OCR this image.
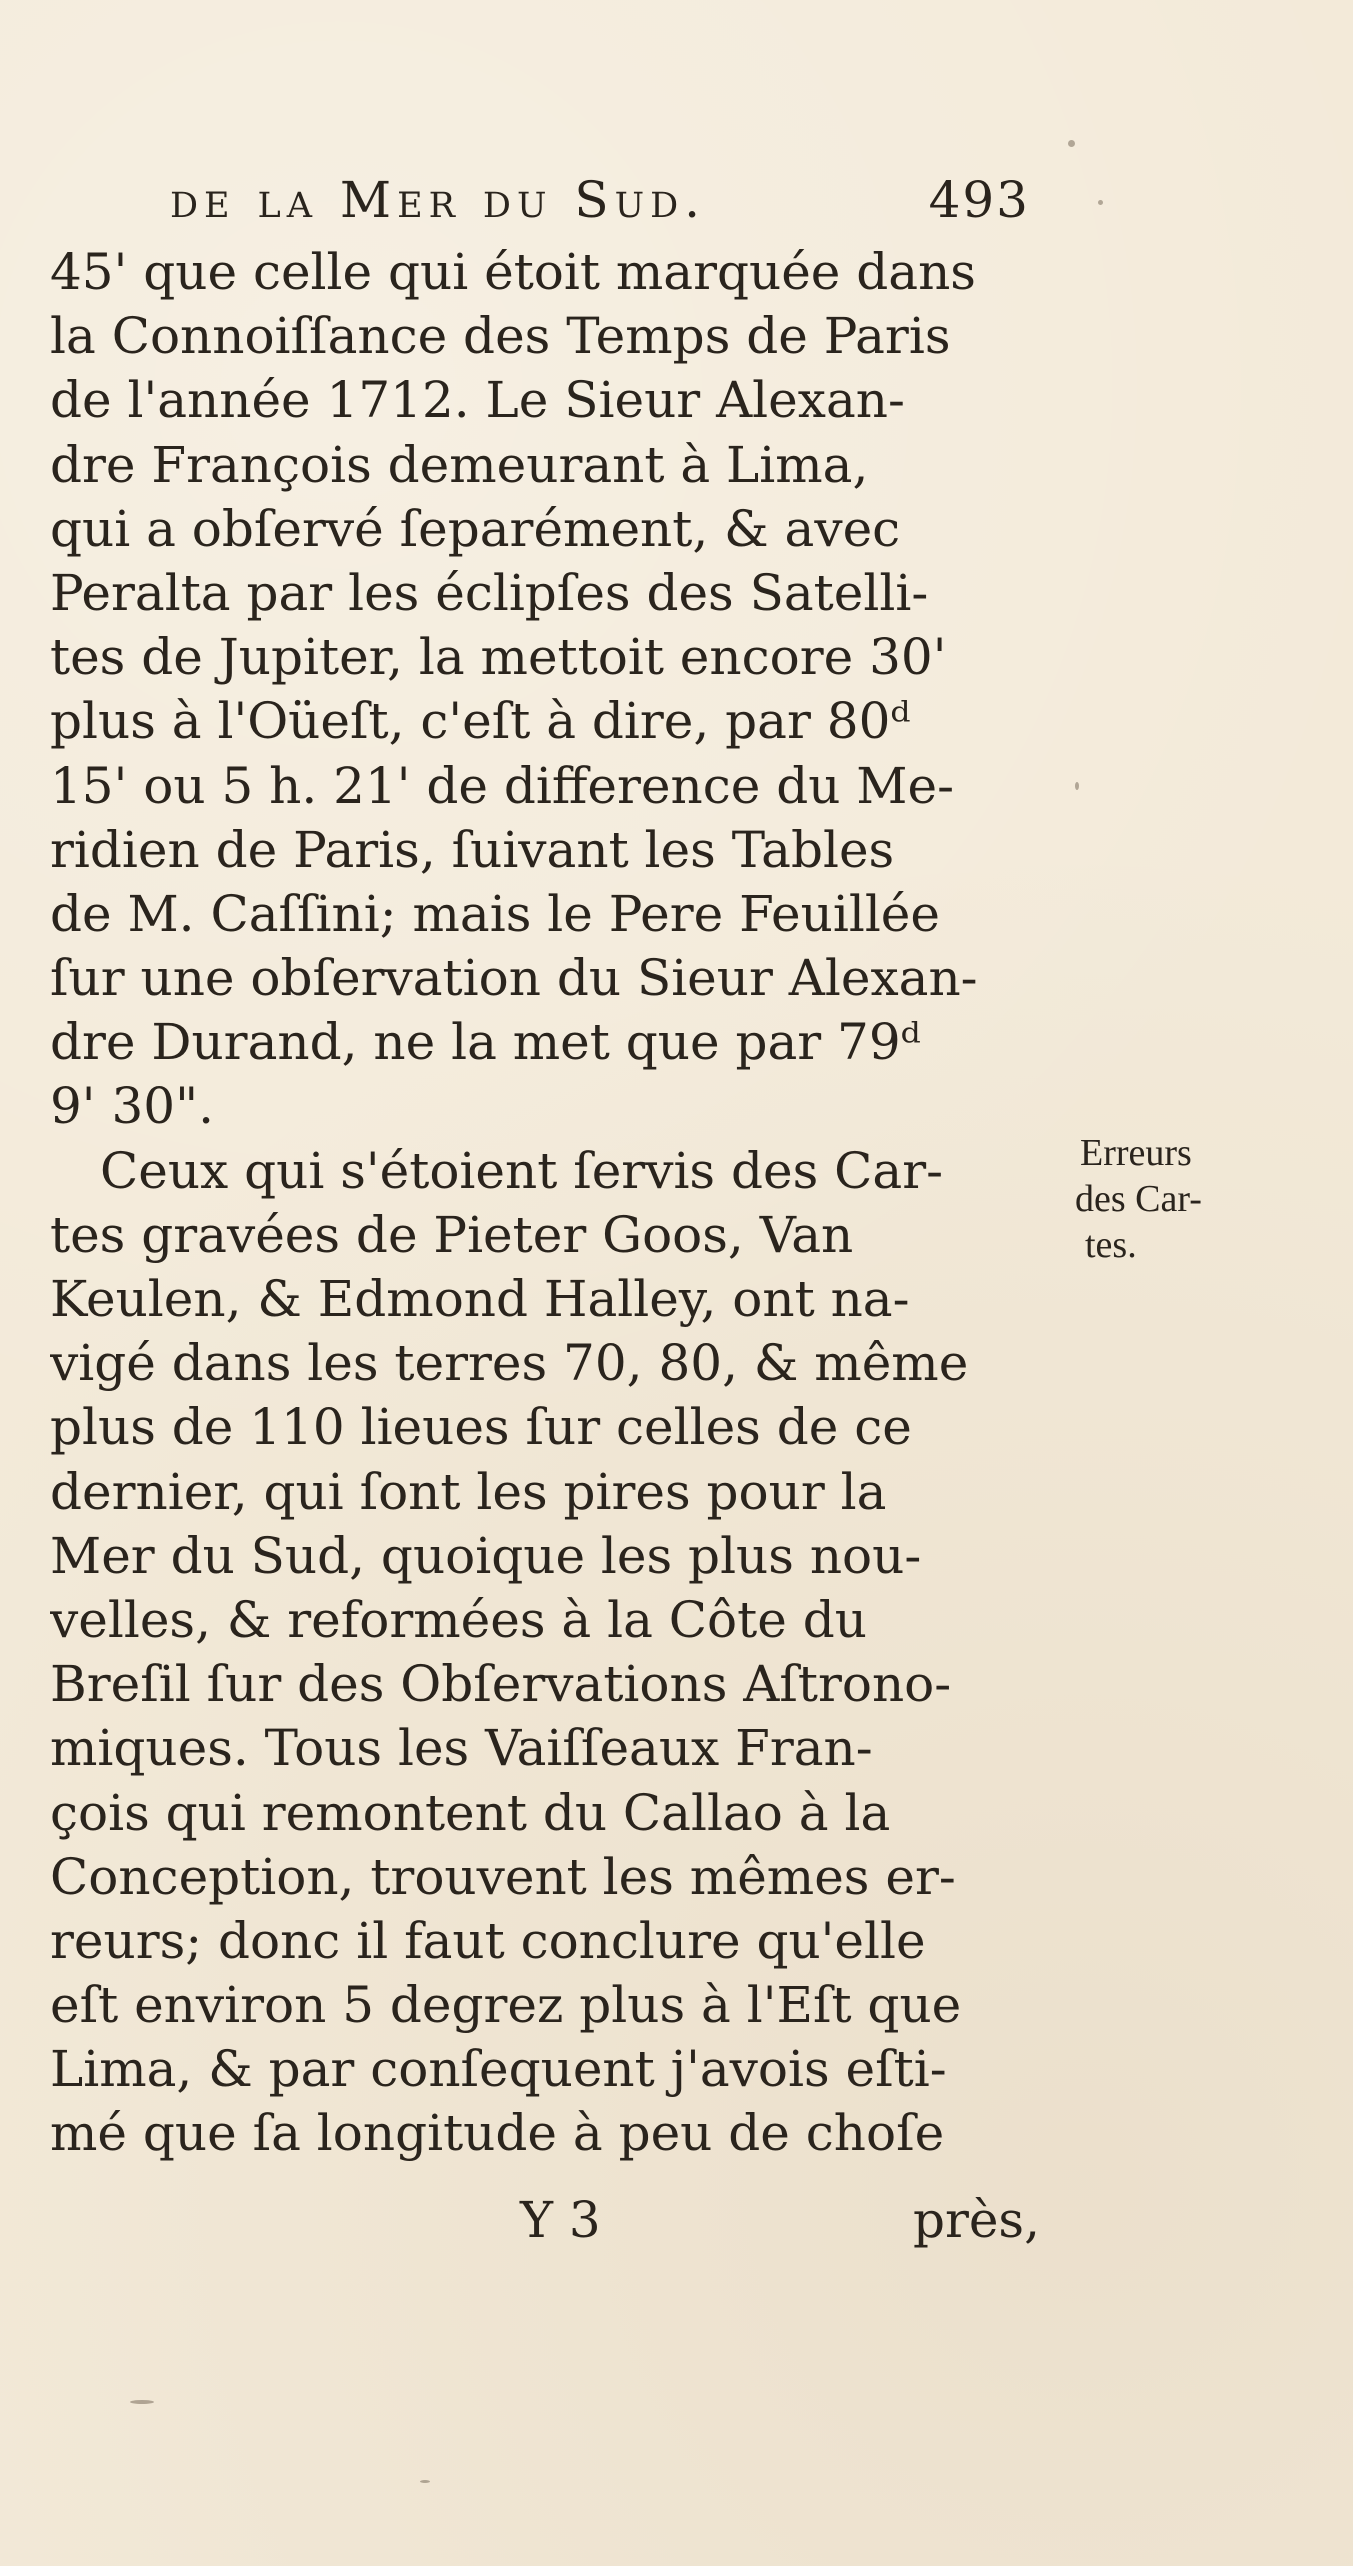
de la Mer du Sud.	493
45' que celle qui étoit marquée dans
la Connoiſſance des Temps de Paris
de l'année 1712. Le Sieur Alexan-
dre François demeurant à Lima,
qui a obſervé ſeparément, & avec
Peralta par les éclipſes des Satelli-
tes de Jupiter, la mettoit encore 30'
plus à l'Oüeſt, c'eſt à dire, par 80ᵈ
15' ou 5 h. 21' de difference du Me-
ridien de Paris, ſuivant les Tables
de M. Caſſini; mais le Pere Feuillée
ſur une obſervation du Sieur Alexan-
dre Durand, ne la met que par 79ᵈ
9' 30".
Ceux qui s'étoient ſervis des Car-
tes gravées de Pieter Goos, Van
Keulen, & Edmond Halley, ont na-
vigé dans les terres 70, 80, & même
plus de 110 lieues ſur celles de ce
dernier, qui ſont les pires pour la
Mer du Sud, quoique les plus nou-
velles, & reformées à la Côte du
Breſil ſur des Obſervations Aſtrono-
miques. Tous les Vaiſſeaux Fran-
çois qui remontent du Callao à la
Conception, trouvent les mêmes er-
reurs; donc il faut conclure qu'elle
eſt environ 5 degrez plus à l'Eſt que
Lima, & par conſequent j'avois eſti-
mé que ſa longitude à peu de choſe
Erreurs
des Car-
tes.
Y 3	près,
